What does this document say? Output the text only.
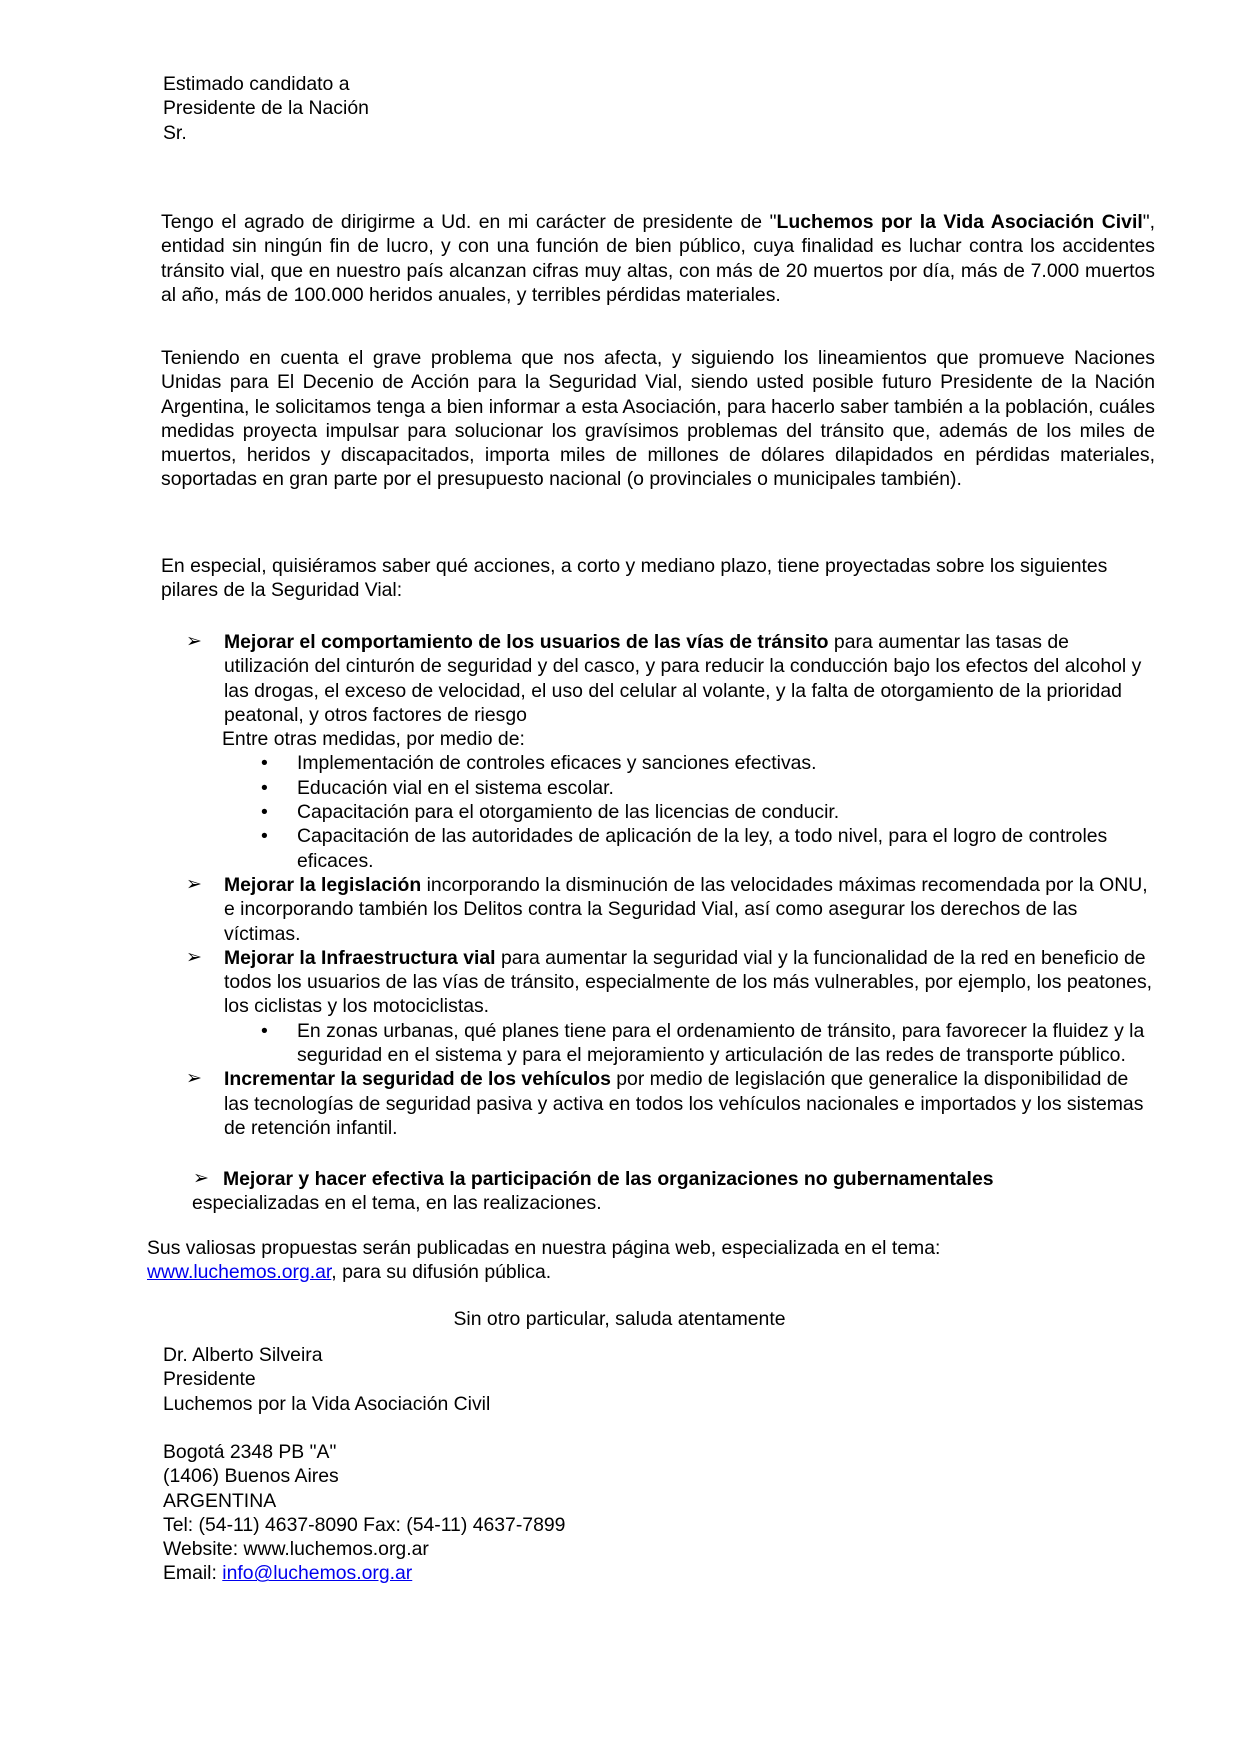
Estimado candidato a
Presidente de la Nación
Sr.
Tengo el agrado de dirigirme a Ud. en mi carácter de presidente de "Luchemos por la Vida Asociación Civil", entidad sin ningún fin de lucro, y con una función de bien público, cuya finalidad es luchar contra los accidentes tránsito vial, que en nuestro país alcanzan cifras muy altas, con más de 20 muertos por día, más de 7.000 muertos al año, más de 100.000 heridos anuales, y terribles pérdidas materiales.
Teniendo en cuenta el grave problema que nos afecta, y siguiendo los lineamientos que promueve Naciones Unidas para El Decenio de Acción para la Seguridad Vial, siendo usted posible futuro Presidente de la Nación Argentina, le solicitamos tenga a bien informar a esta Asociación, para hacerlo saber también a la población, cuáles medidas proyecta impulsar para solucionar los gravísimos problemas del tránsito que, además de los miles de muertos, heridos y discapacitados, importa miles de millones de dólares dilapidados en pérdidas materiales, soportadas en gran parte por el presupuesto nacional (o provinciales o municipales también).
En especial, quisiéramos saber qué acciones, a corto y mediano plazo, tiene proyectadas sobre los siguientes pilares de la Seguridad Vial:
➢ Mejorar el comportamiento de los usuarios de las vías de tránsito para aumentar las tasas de utilización del cinturón de seguridad y del casco, y para reducir la conducción bajo los efectos del alcohol y las drogas, el exceso de velocidad, el uso del celular al volante, y la falta de otorgamiento de la prioridad peatonal, y otros factores de riesgo
Entre otras medidas, por medio de:
• Implementación de controles eficaces y sanciones efectivas.
• Educación vial en el sistema escolar.
• Capacitación para el otorgamiento de las licencias de conducir.
• Capacitación de las autoridades de aplicación de la ley, a todo nivel, para el logro de controles eficaces.
➢ Mejorar la legislación incorporando la disminución de las velocidades máximas recomendada por la ONU, e incorporando también los Delitos contra la Seguridad Vial, así como asegurar los derechos de las víctimas.
➢ Mejorar la Infraestructura vial para aumentar la seguridad vial y la funcionalidad de la red en beneficio de todos los usuarios de las vías de tránsito, especialmente de los más vulnerables, por ejemplo, los peatones, los ciclistas y los motociclistas.
• En zonas urbanas, qué planes tiene para el ordenamiento de tránsito, para favorecer la fluidez y la seguridad en el sistema y para el mejoramiento y articulación de las redes de transporte público.
➢ Incrementar la seguridad de los vehículos por medio de legislación que generalice la disponibilidad de las tecnologías de seguridad pasiva y activa en todos los vehículos nacionales e importados y los sistemas de retención infantil.
➢ Mejorar y hacer efectiva la participación de las organizaciones no gubernamentales
especializadas en el tema, en las realizaciones.
Sus valiosas propuestas serán publicadas en nuestra página web, especializada en el tema:
www.luchemos.org.ar, para su difusión pública.
Sin otro particular, saluda atentamente
Dr. Alberto Silveira
Presidente
Luchemos por la Vida Asociación Civil
Bogotá 2348 PB "A"
(1406) Buenos Aires
ARGENTINA
Tel: (54-11) 4637-8090 Fax: (54-11) 4637-7899
Website: www.luchemos.org.ar
Email: info@luchemos.org.ar
